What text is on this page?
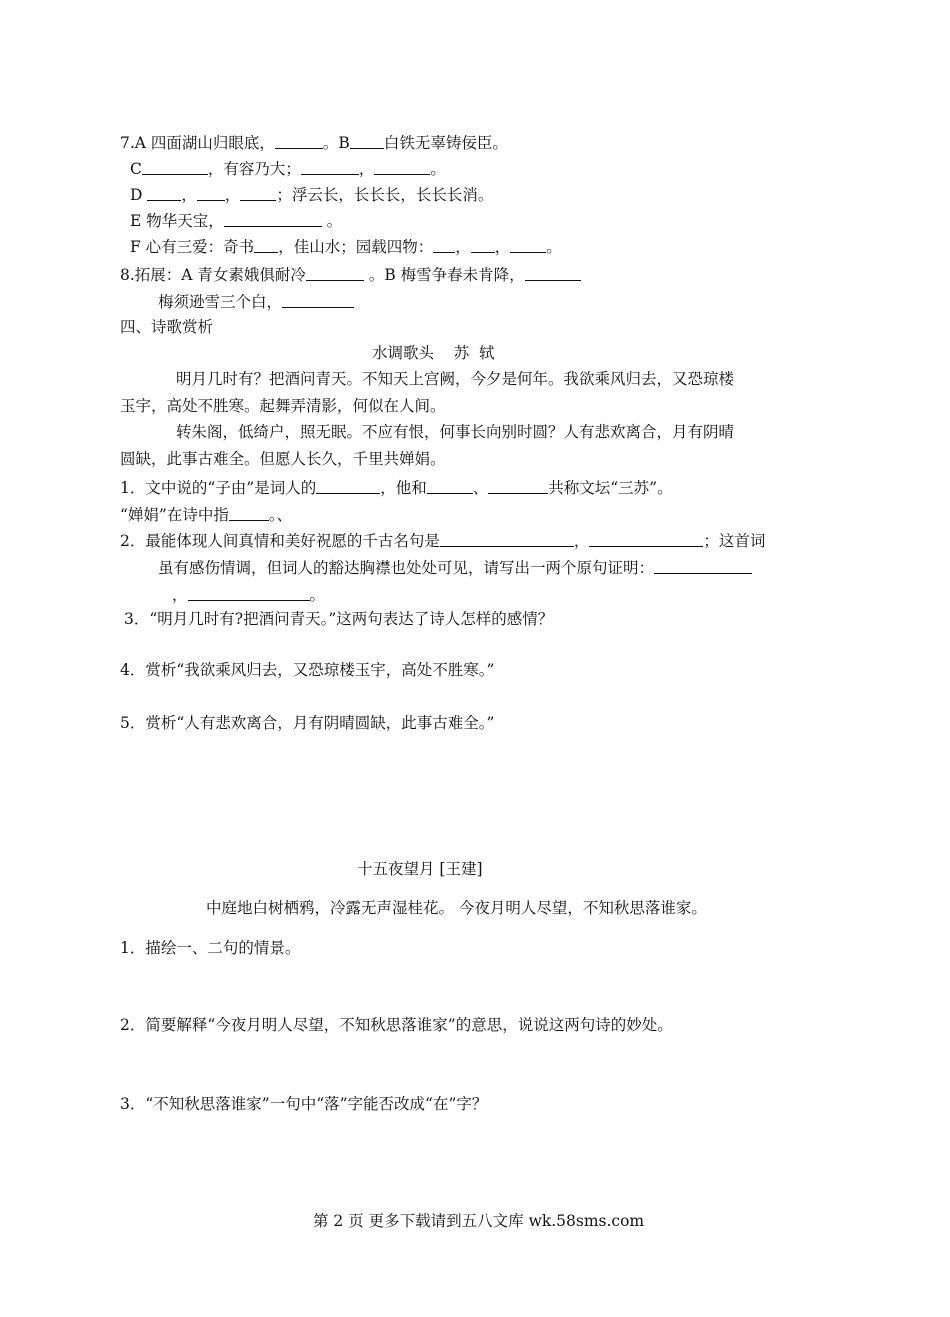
7.A 四面湖山归眼底，	。B 白铁无辜铸佞臣。
C	，有容乃大；	，	。
D ， ， ；浮云长，长长长，长长长消。
E 物华天宝，	。
F 心有三爱：奇书 ，佳山水；园载四物： ， ， 。
8.拓展：A 青女素娥俱耐冷	。B 梅雪争春未肯降，
梅须逊雪三个白，
四、诗歌赏析
水调歌头    苏  轼
明月几时有？把酒问青天。不知天上宫阙，今夕是何年。我欲乘风归去，又恐琼楼
玉宇，高处不胜寒。起舞弄清影，何似在人间。
转朱阁，低绮户，照无眠。不应有恨，何事长向别时圆？人有悲欢离合，月有阴晴
圆缺，此事古难全。但愿人长久，千里共婵娟。
1．文中说的“子由”是词人的	，他和	、	共称文坛“三苏”。
“婵娟”在诗中指	。、
2．最能体现人间真情和美好祝愿的千古名句是	，	；这首词
虽有感伤情调，但词人的豁达胸襟也处处可见，请写出一两个原句证明：
，	。
3．“明月几时有?把酒问青天。”这两句表达了诗人怎样的感情？
4．赏析“我欲乘风归去，又恐琼楼玉宇，高处不胜寒。”
5．赏析“人有悲欢离合，月有阴晴圆缺，此事古难全。”
十五夜望月 [王建]
中庭地白树栖鸦，冷露无声湿桂花。 今夜月明人尽望，不知秋思落谁家。
1．描绘一、二句的情景。
2．简要解释“今夜月明人尽望，不知秋思落谁家”的意思，说说这两句诗的妙处。
3．“不知秋思落谁家”一句中“落”字能否改成“在”字？
第 2 页 更多下载请到五八文库 wk.58sms.com
